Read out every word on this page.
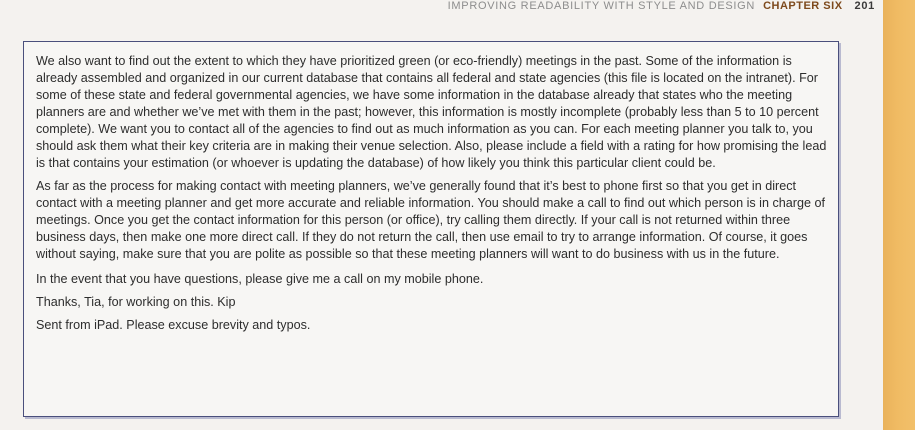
IMPROVING READABILITY WITH STYLE AND DESIGN CHAPTER SIX 201

We also want to find out the extent to which they have prioritized green (or eco-friendly) meetings in the past. Some of the information is already assembled and organized in our current database that contains all federal and state agencies (this file is located on the intranet). For some of these state and federal governmental agencies, we have some information in the database already that states who the meeting planners are and whether we’ve met with them in the past; however, this information is mostly incomplete (probably less than 5 to 10 percent complete). We want you to contact all of the agencies to find out as much information as you can. For each meeting planner you talk to, you should ask them what their key criteria are in making their venue selection. Also, please include a field with a rating for how promising the lead is that contains your estimation (or whoever is updating the database) of how likely you think this particular client could be.

As far as the process for making contact with meeting planners, we’ve generally found that it’s best to phone first so that you get in direct contact with a meeting planner and get more accurate and reliable information. You should make a call to find out which person is in charge of meetings. Once you get the contact information for this person (or office), try calling them directly. If your call is not returned within three business days, then make one more direct call. If they do not return the call, then use email to try to arrange information. Of course, it goes without saying, make sure that you are polite as possible so that these meeting planners will want to do business with us in the future.

In the event that you have questions, please give me a call on my mobile phone.

Thanks, Tia, for working on this. Kip

Sent from iPad. Please excuse brevity and typos.
